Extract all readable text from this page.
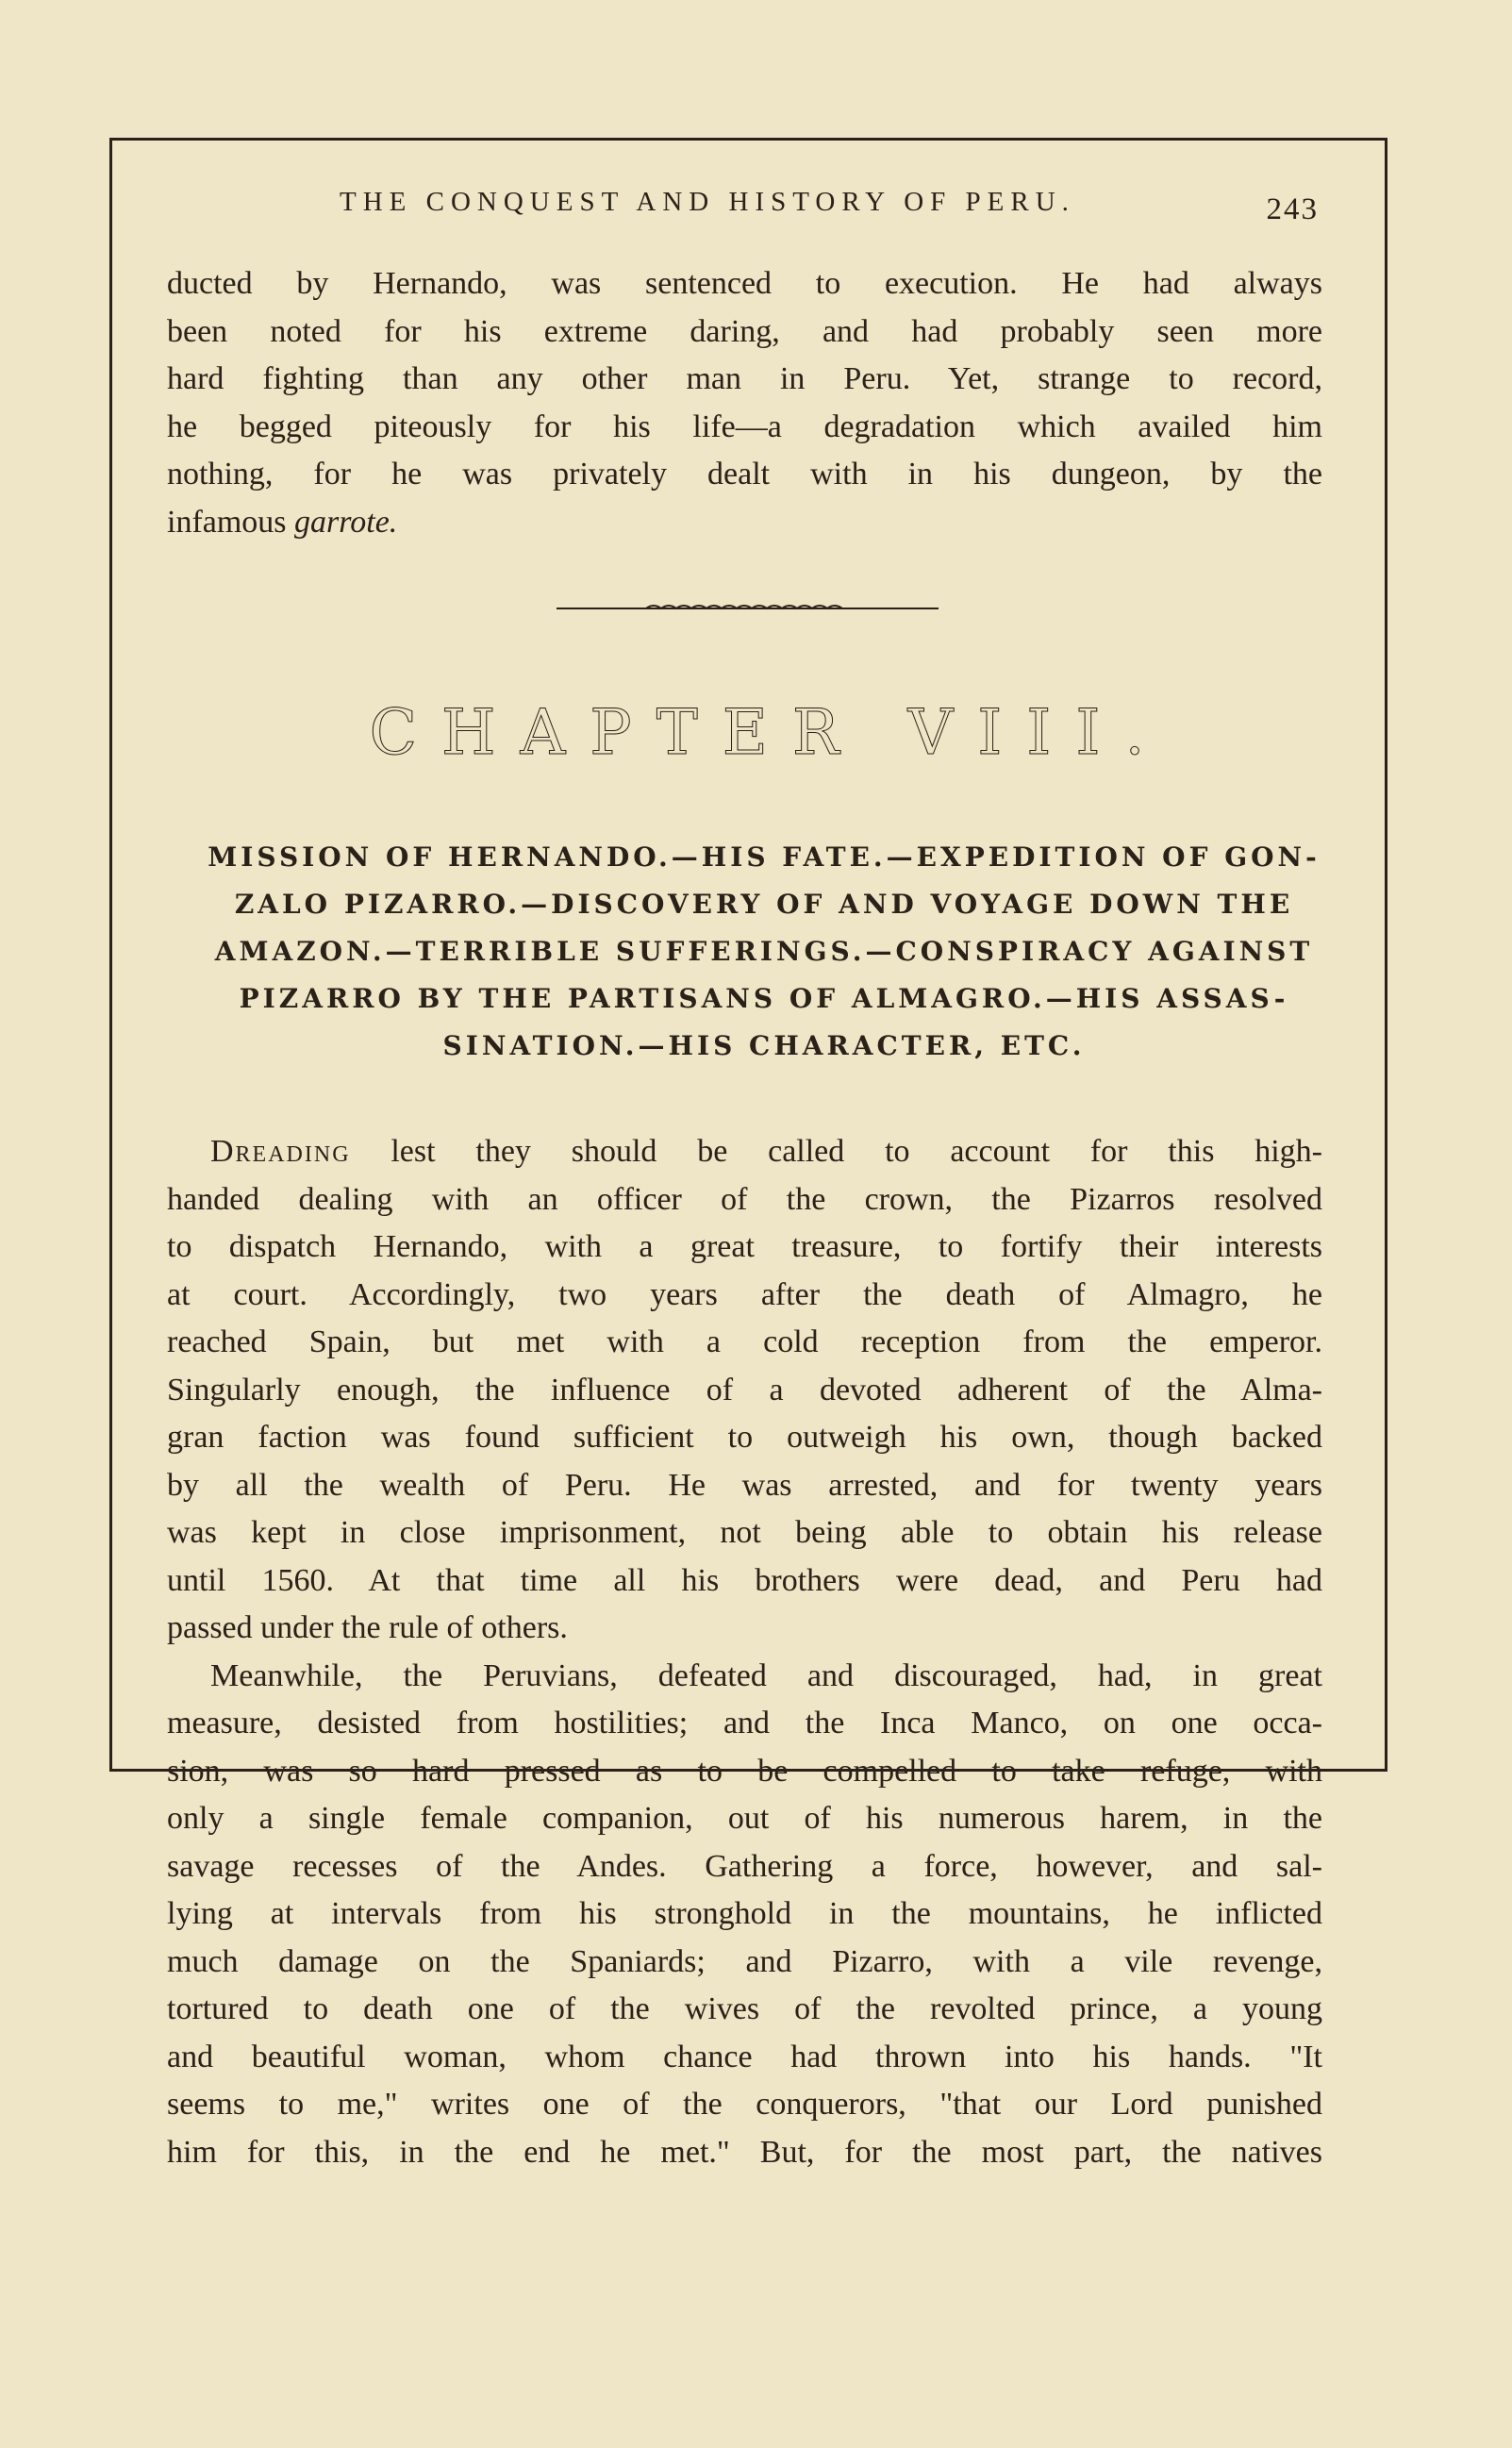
THE CONQUEST AND HISTORY OF PERU.	243

ducted by Hernando, was sentenced to execution. He had always

been noted for his extreme daring, and had probably seen more

hard fighting than any other man in Peru. Yet, strange to record,

he begged piteously for his life—a degradation which availed him

nothing, for he was privately dealt with in his dungeon, by the

infamous garrote.

CHAPTER VIII.
MISSION OF HERNANDO.—HIS FATE.—EXPEDITION OF GON-
ZALO PIZARRO.—DISCOVERY OF AND VOYAGE DOWN THE
AMAZON.—TERRIBLE SUFFERINGS.—CONSPIRACY AGAINST
PIZARRO BY THE PARTISANS OF ALMAGRO.—HIS ASSAS-
SINATION.—HIS CHARACTER, ETC.

Dreading lest they should be called to account for this high-

handed dealing with an officer of the crown, the Pizarros resolved

to dispatch Hernando, with a great treasure, to fortify their interests

at court. Accordingly, two years after the death of Almagro, he

reached Spain, but met with a cold reception from the emperor.

Singularly enough, the influence of a devoted adherent of the Alma-

gran faction was found sufficient to outweigh his own, though backed

by all the wealth of Peru. He was arrested, and for twenty years

was kept in close imprisonment, not being able to obtain his release

until 1560. At that time all his brothers were dead, and Peru had

passed under the rule of others.

Meanwhile, the Peruvians, defeated and discouraged, had, in great

measure, desisted from hostilities; and the Inca Manco, on one occa-

sion, was so hard pressed as to be compelled to take refuge, with

only a single female companion, out of his numerous harem, in the

savage recesses of the Andes. Gathering a force, however, and sal-

lying at intervals from his stronghold in the mountains, he inflicted

much damage on the Spaniards; and Pizarro, with a vile revenge,

tortured to death one of the wives of the revolted prince, a young

and beautiful woman, whom chance had thrown into his hands. "It

seems to me," writes one of the conquerors, "that our Lord punished

him for this, in the end he met." But, for the most part, the natives
